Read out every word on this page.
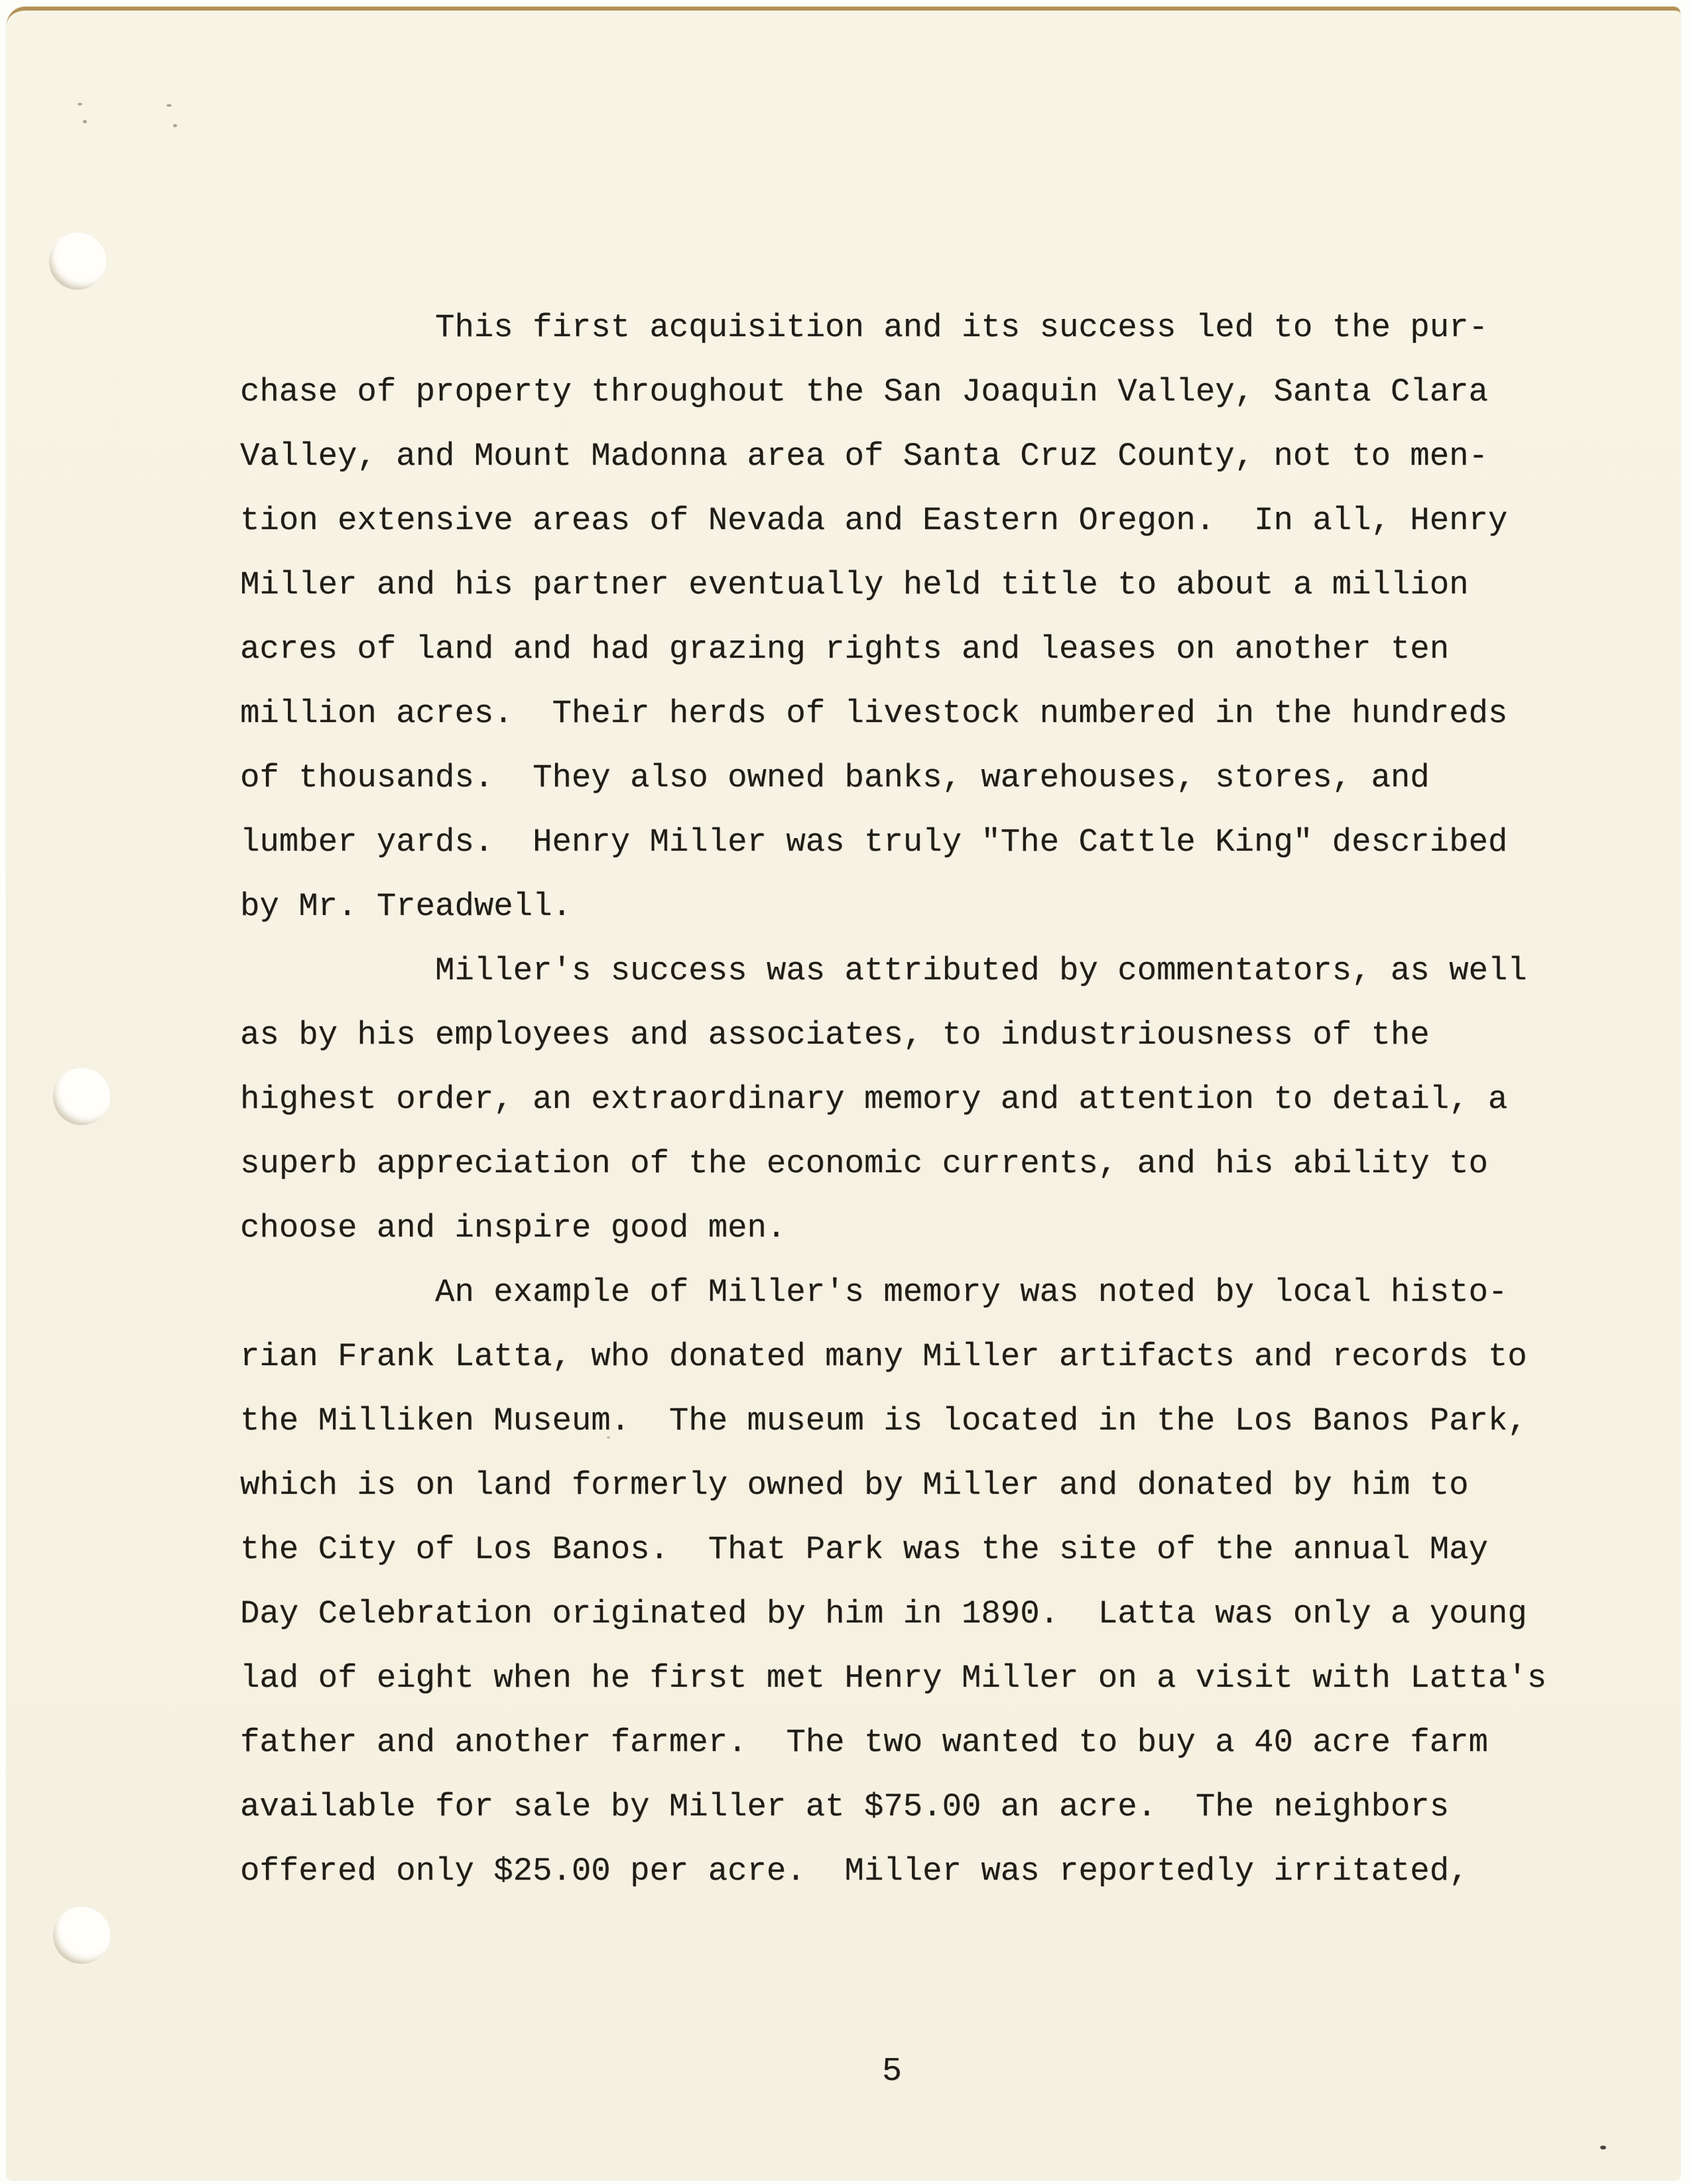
This first acquisition and its success led to the pur-
chase of property throughout the San Joaquin Valley, Santa Clara
Valley, and Mount Madonna area of Santa Cruz County, not to men-
tion extensive areas of Nevada and Eastern Oregon.  In all, Henry
Miller and his partner eventually held title to about a million
acres of land and had grazing rights and leases on another ten
million acres.  Their herds of livestock numbered in the hundreds
of thousands.  They also owned banks, warehouses, stores, and
lumber yards.  Henry Miller was truly "The Cattle King" described
by Mr. Treadwell.
Miller's success was attributed by commentators, as well
as by his employees and associates, to industriousness of the
highest order, an extraordinary memory and attention to detail, a
superb appreciation of the economic currents, and his ability to
choose and inspire good men.
An example of Miller's memory was noted by local histo-
rian Frank Latta, who donated many Miller artifacts and records to
the Milliken Museum.  The museum is located in the Los Banos Park,
which is on land formerly owned by Miller and donated by him to
the City of Los Banos.  That Park was the site of the annual May
Day Celebration originated by him in 1890.  Latta was only a young
lad of eight when he first met Henry Miller on a visit with Latta's
father and another farmer.  The two wanted to buy a 40 acre farm
available for sale by Miller at $75.00 an acre.  The neighbors
offered only $25.00 per acre.  Miller was reportedly irritated,
5
